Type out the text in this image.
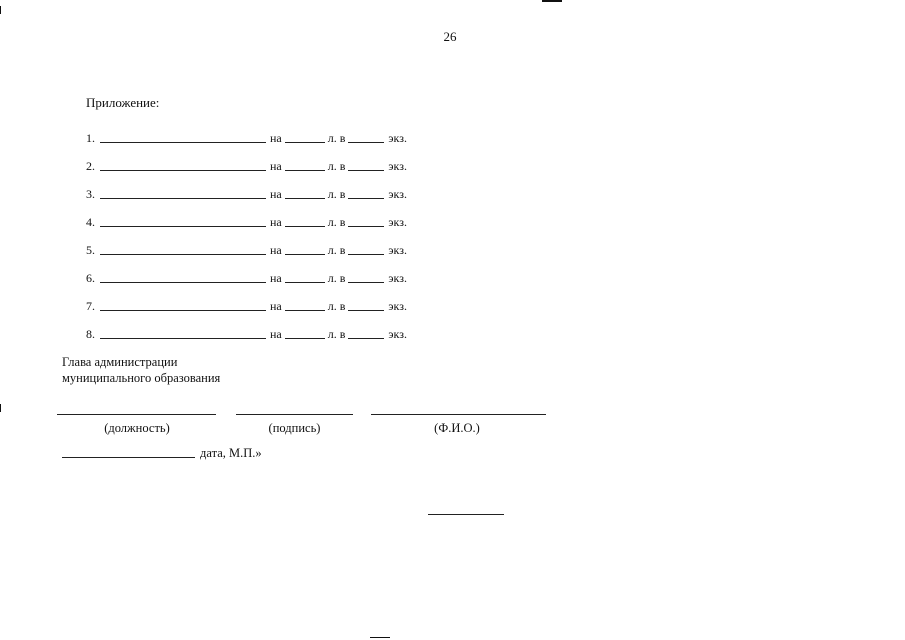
26
Приложение:
1.	на	л. в	экз.
2.	на	л. в	экз.
3.	на	л. в	экз.
4.	на	л. в	экз.
5.	на	л. в	экз.
6.	на	л. в	экз.
7.	на	л. в	экз.
8.	на	л. в	экз.
Глава администрации
муниципального образования
(должность)	(подпись)	(Ф.И.О.)
дата, М.П.»
